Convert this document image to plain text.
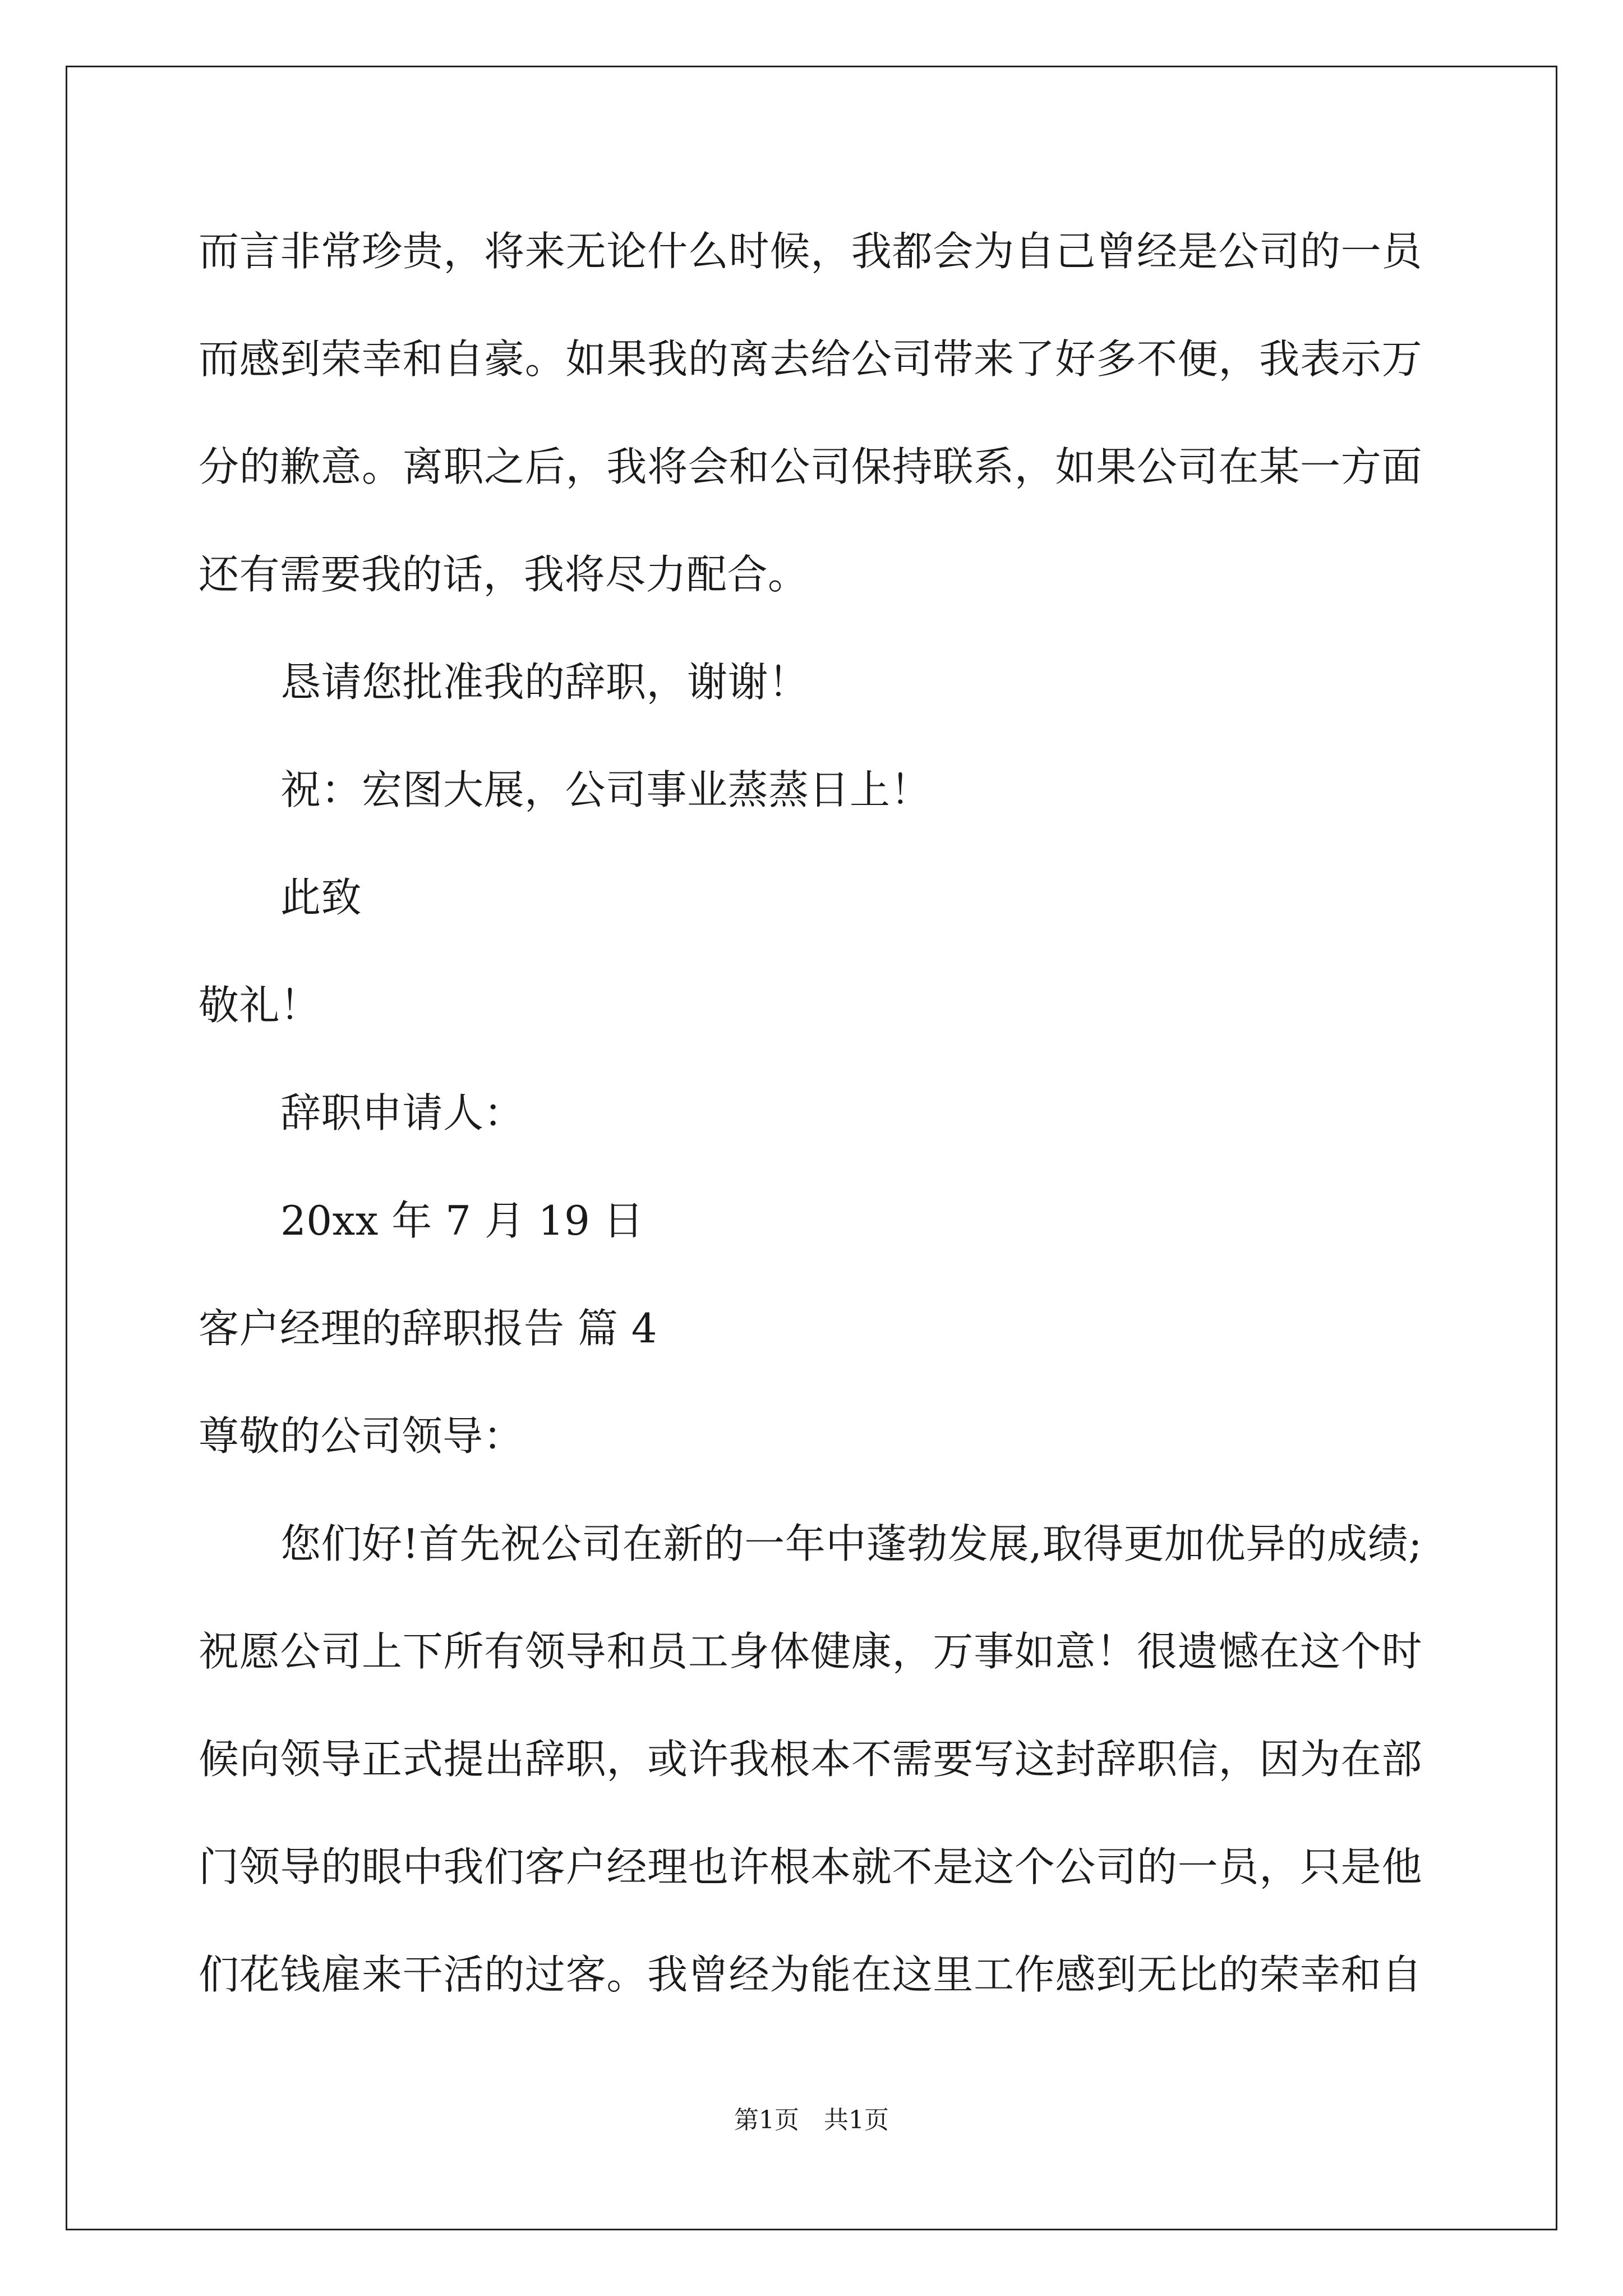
而言非常珍贵，将来无论什么时候，我都会为自己曾经是公司的一员
而感到荣幸和自豪。如果我的离去给公司带来了好多不便，我表示万
分的歉意。离职之后，我将会和公司保持联系，如果公司在某一方面
还有需要我的话，我将尽力配合。
恳请您批准我的辞职，谢谢！
祝：宏图大展，公司事业蒸蒸日上！
此致
敬礼！
辞职申请人：
20xx 年 7 月 19 日
客户经理的辞职报告 篇 4
尊敬的公司领导：
您们好!首先祝公司在新的一年中蓬勃发展,取得更加优异的成绩;
祝愿公司上下所有领导和员工身体健康，万事如意！很遗憾在这个时
候向领导正式提出辞职，或许我根本不需要写这封辞职信，因为在部
门领导的眼中我们客户经理也许根本就不是这个公司的一员，只是他
们花钱雇来干活的过客。我曾经为能在这里工作感到无比的荣幸和自
第1页　共1页
